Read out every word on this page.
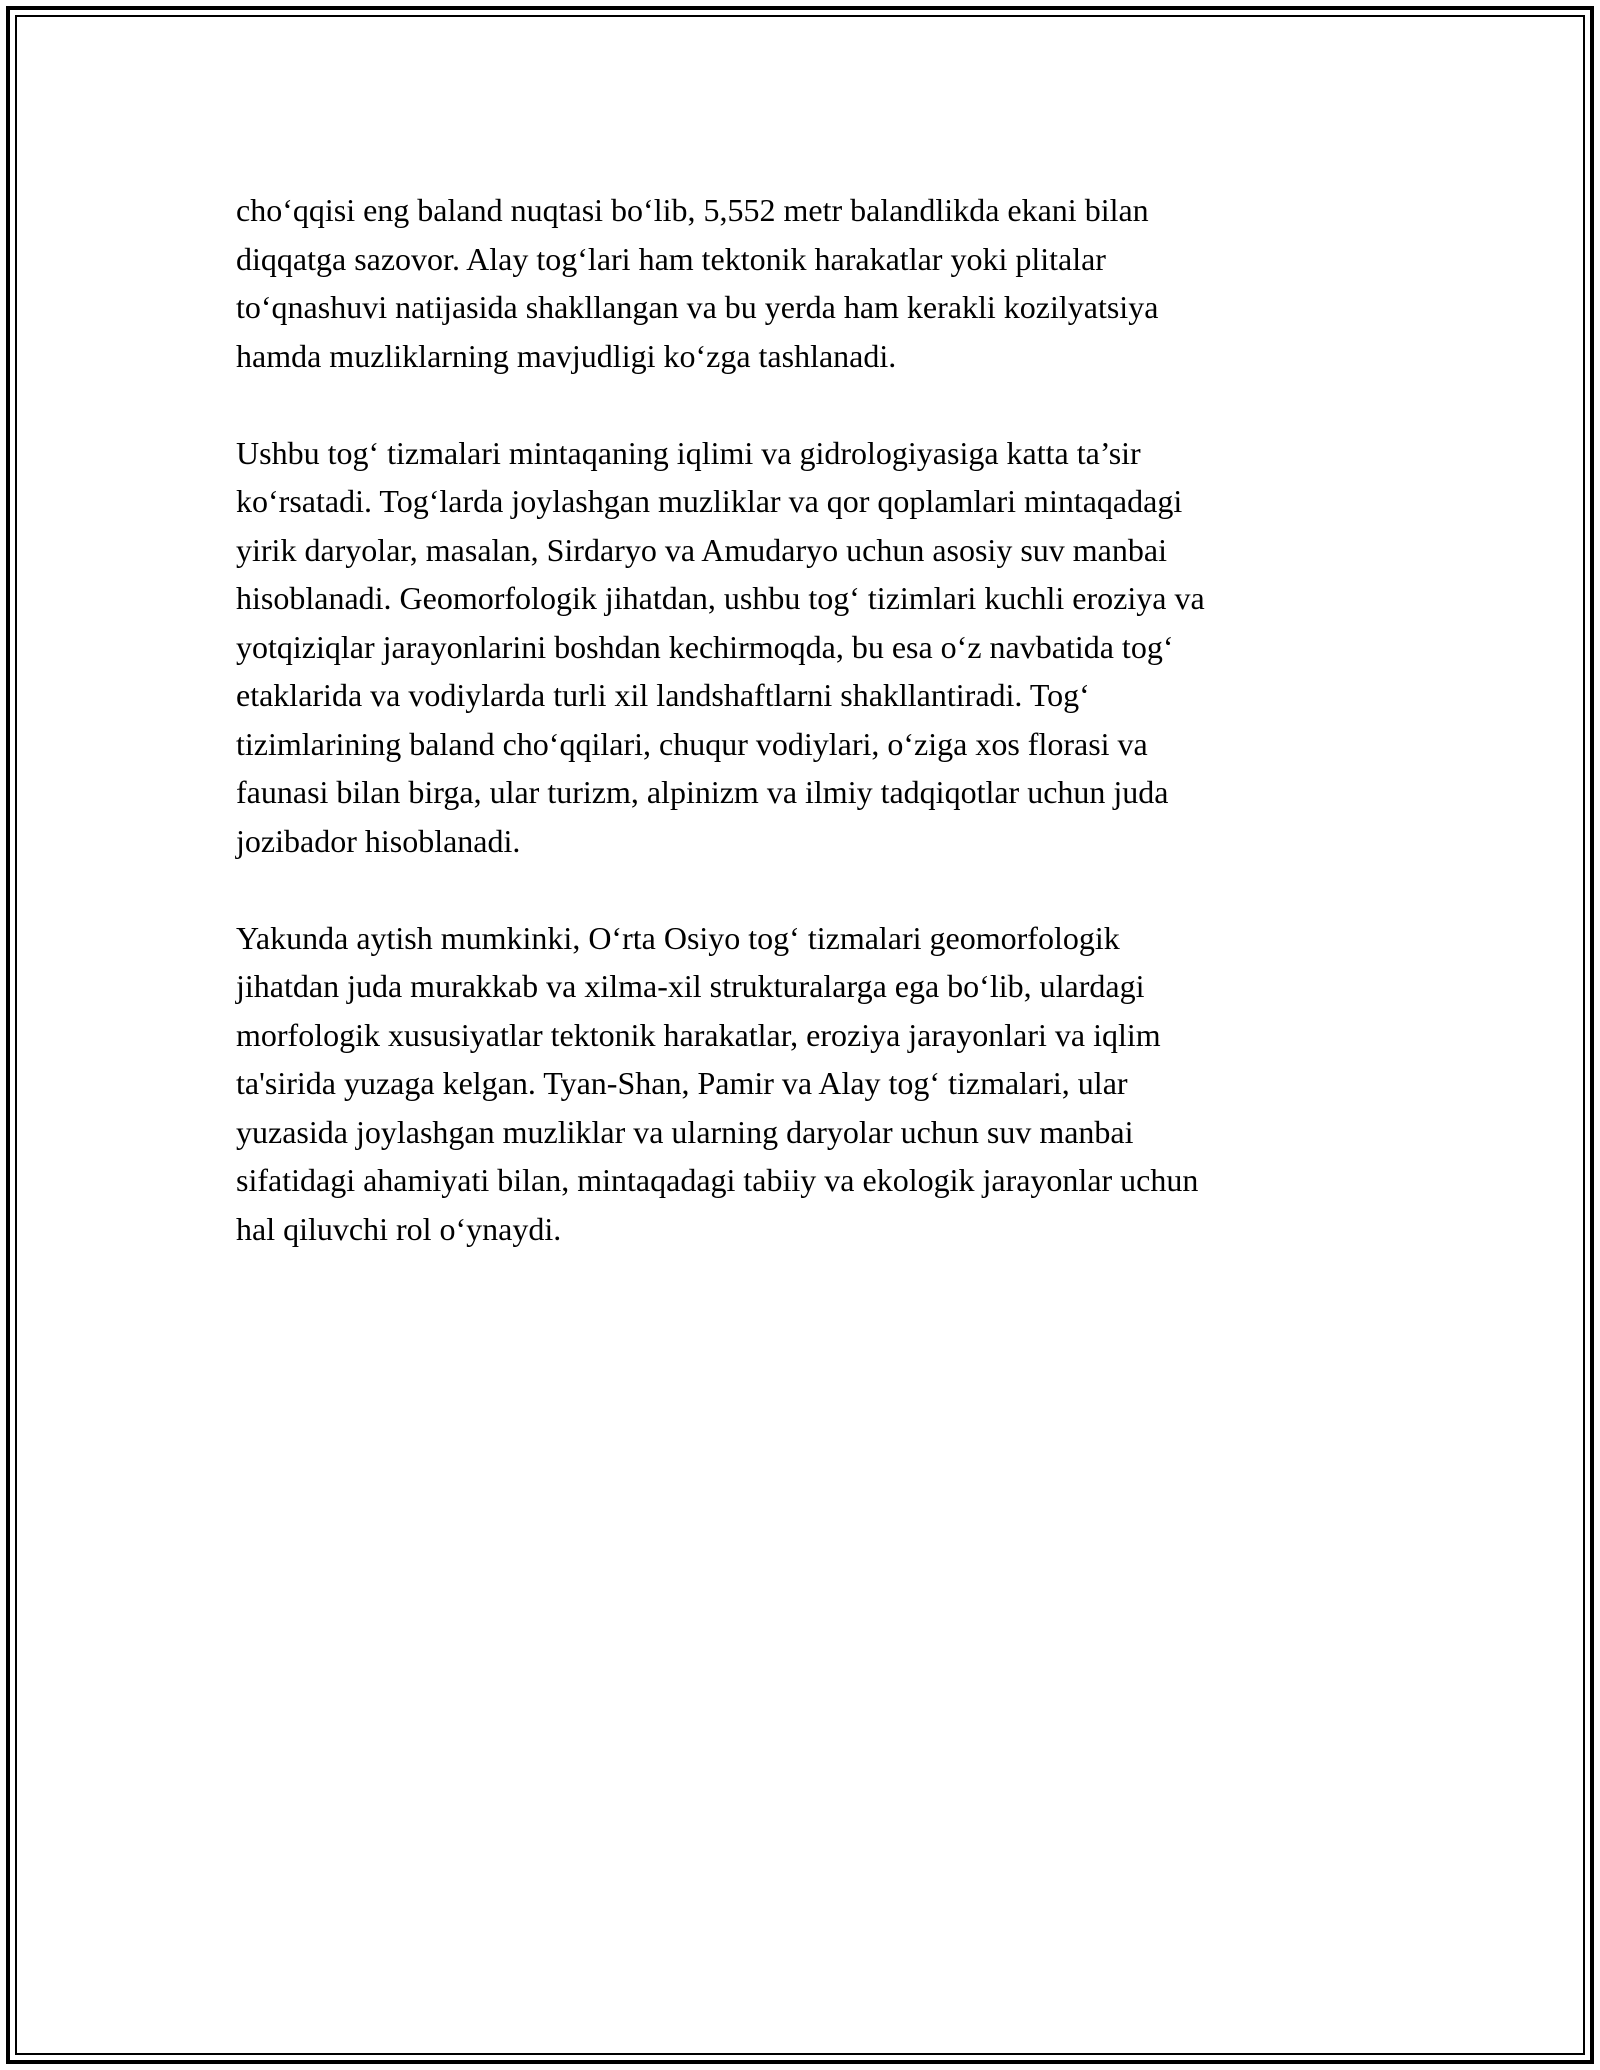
cho‘qqisi eng baland nuqtasi bo‘lib, 5,552 metr balandlikda ekani bilan
diqqatga sazovor. Alay tog‘lari ham tektonik harakatlar yoki plitalar
to‘qnashuvi natijasida shakllangan va bu yerda ham kerakli kozilyatsiya
hamda muzliklarning mavjudligi ko‘zga tashlanadi.

Ushbu tog‘ tizmalari mintaqaning iqlimi va gidrologiyasiga katta ta’sir
ko‘rsatadi. Tog‘larda joylashgan muzliklar va qor qoplamlari mintaqadagi
yirik daryolar, masalan, Sirdaryo va Amudaryo uchun asosiy suv manbai
hisoblanadi. Geomorfologik jihatdan, ushbu tog‘ tizimlari kuchli eroziya va
yotqiziqlar jarayonlarini boshdan kechirmoqda, bu esa o‘z navbatida tog‘
etaklarida va vodiylarda turli xil landshaftlarni shakllantiradi. Tog‘
tizimlarining baland cho‘qqilari, chuqur vodiylari, o‘ziga xos florasi va
faunasi bilan birga, ular turizm, alpinizm va ilmiy tadqiqotlar uchun juda
jozibador hisoblanadi.

Yakunda aytish mumkinki, O‘rta Osiyo tog‘ tizmalari geomorfologik
jihatdan juda murakkab va xilma-xil strukturalarga ega bo‘lib, ulardagi
morfologik xususiyatlar tektonik harakatlar, eroziya jarayonlari va iqlim
ta'sirida yuzaga kelgan. Tyan-Shan, Pamir va Alay tog‘ tizmalari, ular
yuzasida joylashgan muzliklar va ularning daryolar uchun suv manbai
sifatidagi ahamiyati bilan, mintaqadagi tabiiy va ekologik jarayonlar uchun
hal qiluvchi rol o‘ynaydi.
